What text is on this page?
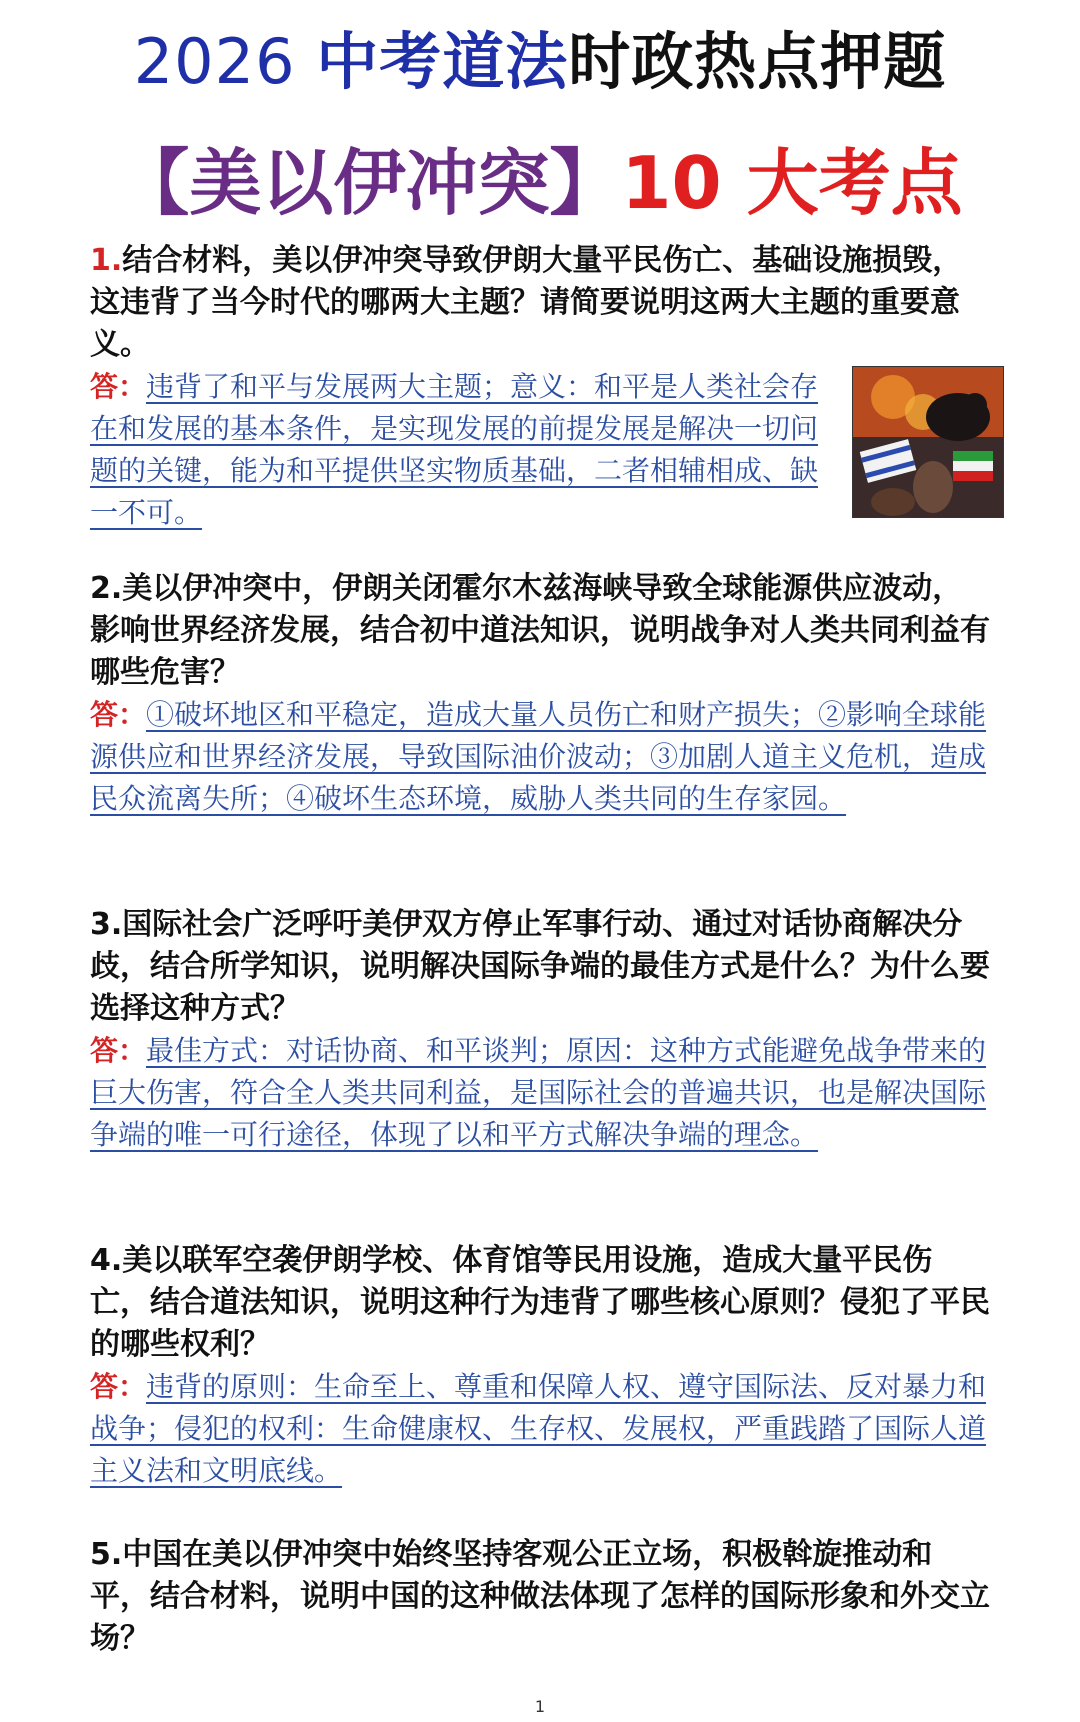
2026 中考道法时政热点押题
【美以伊冲突】10 大考点

1.结合材料，美以伊冲突导致伊朗大量平民伤亡、基础设施损毁，这违背了当今时代的哪两大主题？请简要说明这两大主题的重要意义。

答：违背了和平与发展两大主题；意义：和平是人类社会存在和发展的基本条件，是实现发展的前提发展是解决一切问题的关键，能为和平提供坚实物质基础，二者相辅相成、缺一不可。

2.美以伊冲突中，伊朗关闭霍尔木兹海峡导致全球能源供应波动，影响世界经济发展，结合初中道法知识，说明战争对人类共同利益有哪些危害？

答：①破坏地区和平稳定，造成大量人员伤亡和财产损失；②影响全球能源供应和世界经济发展，导致国际油价波动；③加剧人道主义危机，造成民众流离失所；④破坏生态环境，威胁人类共同的生存家园。

3.国际社会广泛呼吁美伊双方停止军事行动、通过对话协商解决分歧，结合所学知识，说明解决国际争端的最佳方式是什么？为什么要选择这种方式？

答：最佳方式：对话协商、和平谈判；原因：这种方式能避免战争带来的巨大伤害，符合全人类共同利益，是国际社会的普遍共识，也是解决国际争端的唯一可行途径，体现了以和平方式解决争端的理念。

4.美以联军空袭伊朗学校、体育馆等民用设施，造成大量平民伤亡，结合道法知识，说明这种行为违背了哪些核心原则？侵犯了平民的哪些权利？

答：违背的原则：生命至上、尊重和保障人权、遵守国际法、反对暴力和战争；侵犯的权利：生命健康权、生存权、发展权，严重践踏了国际人道主义法和文明底线。

5.中国在美以伊冲突中始终坚持客观公正立场，积极斡旋推动和平，结合材料，说明中国的这种做法体现了怎样的国际形象和外交立场？

1
